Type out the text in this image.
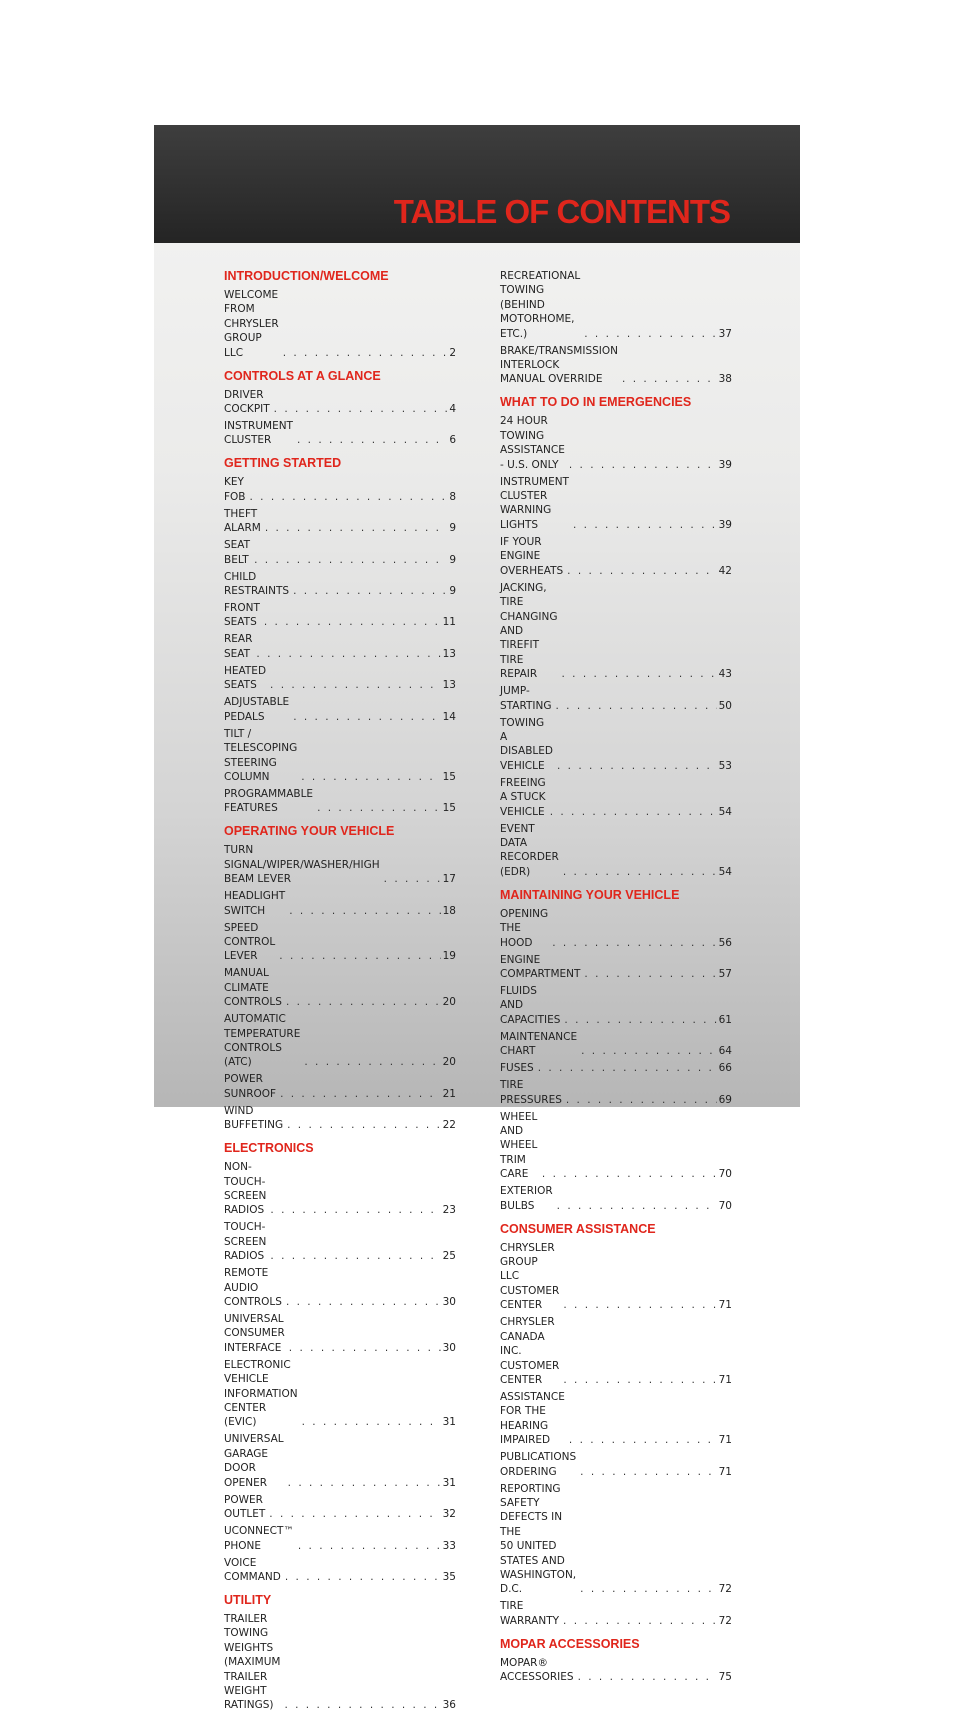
TABLE OF CONTENTS
INTRODUCTION/WELCOME
WELCOME FROM CHRYSLER GROUP LLC . . .	2
CONTROLS AT A GLANCE
DRIVER COCKPIT . . .	4
INSTRUMENT CLUSTER . . .	6
GETTING STARTED
KEY FOB . . .	8
THEFT ALARM . . .	9
SEAT BELT . . .	9
CHILD RESTRAINTS . . .	9
FRONT SEATS . . .	11
REAR SEAT . . .	13
HEATED SEATS . . .	13
ADJUSTABLE PEDALS . . .	14
TILT / TELESCOPING STEERING COLUMN . . .	15
PROGRAMMABLE FEATURES . . .	15
OPERATING YOUR VEHICLE
TURN SIGNAL/WIPER/WASHER/HIGH
BEAM LEVER . . .	17
HEADLIGHT SWITCH . . .	18
SPEED CONTROL LEVER . . .	19
MANUAL CLIMATE CONTROLS . . .	20
AUTOMATIC TEMPERATURE
CONTROLS (ATC) . . .	20
POWER SUNROOF . . .	21
WIND BUFFETING . . .	22
ELECTRONICS
NON-TOUCH-SCREEN RADIOS . . .	23
TOUCH-SCREEN RADIOS . . .	25
REMOTE AUDIO CONTROLS . . .	30
UNIVERSAL CONSUMER INTERFACE . . .	30
ELECTRONIC VEHICLE INFORMATION
CENTER (EVIC) . . .	31
UNIVERSAL GARAGE DOOR OPENER . . .	31
POWER OUTLET . . .	32
UCONNECT™ PHONE . . .	33
VOICE COMMAND . . .	35
UTILITY
TRAILER TOWING WEIGHTS (MAXIMUM
TRAILER WEIGHT RATINGS) . . .	36
RECREATIONAL TOWING (BEHIND
MOTORHOME, ETC.) . . .	37
BRAKE/TRANSMISSION INTERLOCK
MANUAL OVERRIDE . . .	38
WHAT TO DO IN EMERGENCIES
24 HOUR TOWING ASSISTANCE
- U.S. ONLY . . .	39
INSTRUMENT CLUSTER WARNING
LIGHTS . . .	39
IF YOUR ENGINE OVERHEATS . . .	42
JACKING, TIRE CHANGING AND
TIREFIT TIRE REPAIR . . .	43
JUMP-STARTING . . .	50
TOWING A DISABLED VEHICLE . . .	53
FREEING A STUCK VEHICLE . . .	54
EVENT DATA RECORDER (EDR) . . .	54
MAINTAINING YOUR VEHICLE
OPENING THE HOOD . . .	56
ENGINE COMPARTMENT . . .	57
FLUIDS AND CAPACITIES . . .	61
MAINTENANCE CHART . . .	64
FUSES . . .	66
TIRE PRESSURES . . .	69
WHEEL AND WHEEL TRIM CARE . . .	70
EXTERIOR BULBS . . .	70
CONSUMER ASSISTANCE
CHRYSLER GROUP LLC CUSTOMER
CENTER . . .	71
CHRYSLER CANADA INC. CUSTOMER
CENTER . . .	71
ASSISTANCE FOR THE HEARING
IMPAIRED . . .	71
PUBLICATIONS ORDERING . . .	71
REPORTING SAFETY DEFECTS IN THE
50 UNITED STATES AND
WASHINGTON, D.C. . . .	72
TIRE WARRANTY . . .	72
MOPAR ACCESSORIES
MOPAR® ACCESSORIES . . .	75
